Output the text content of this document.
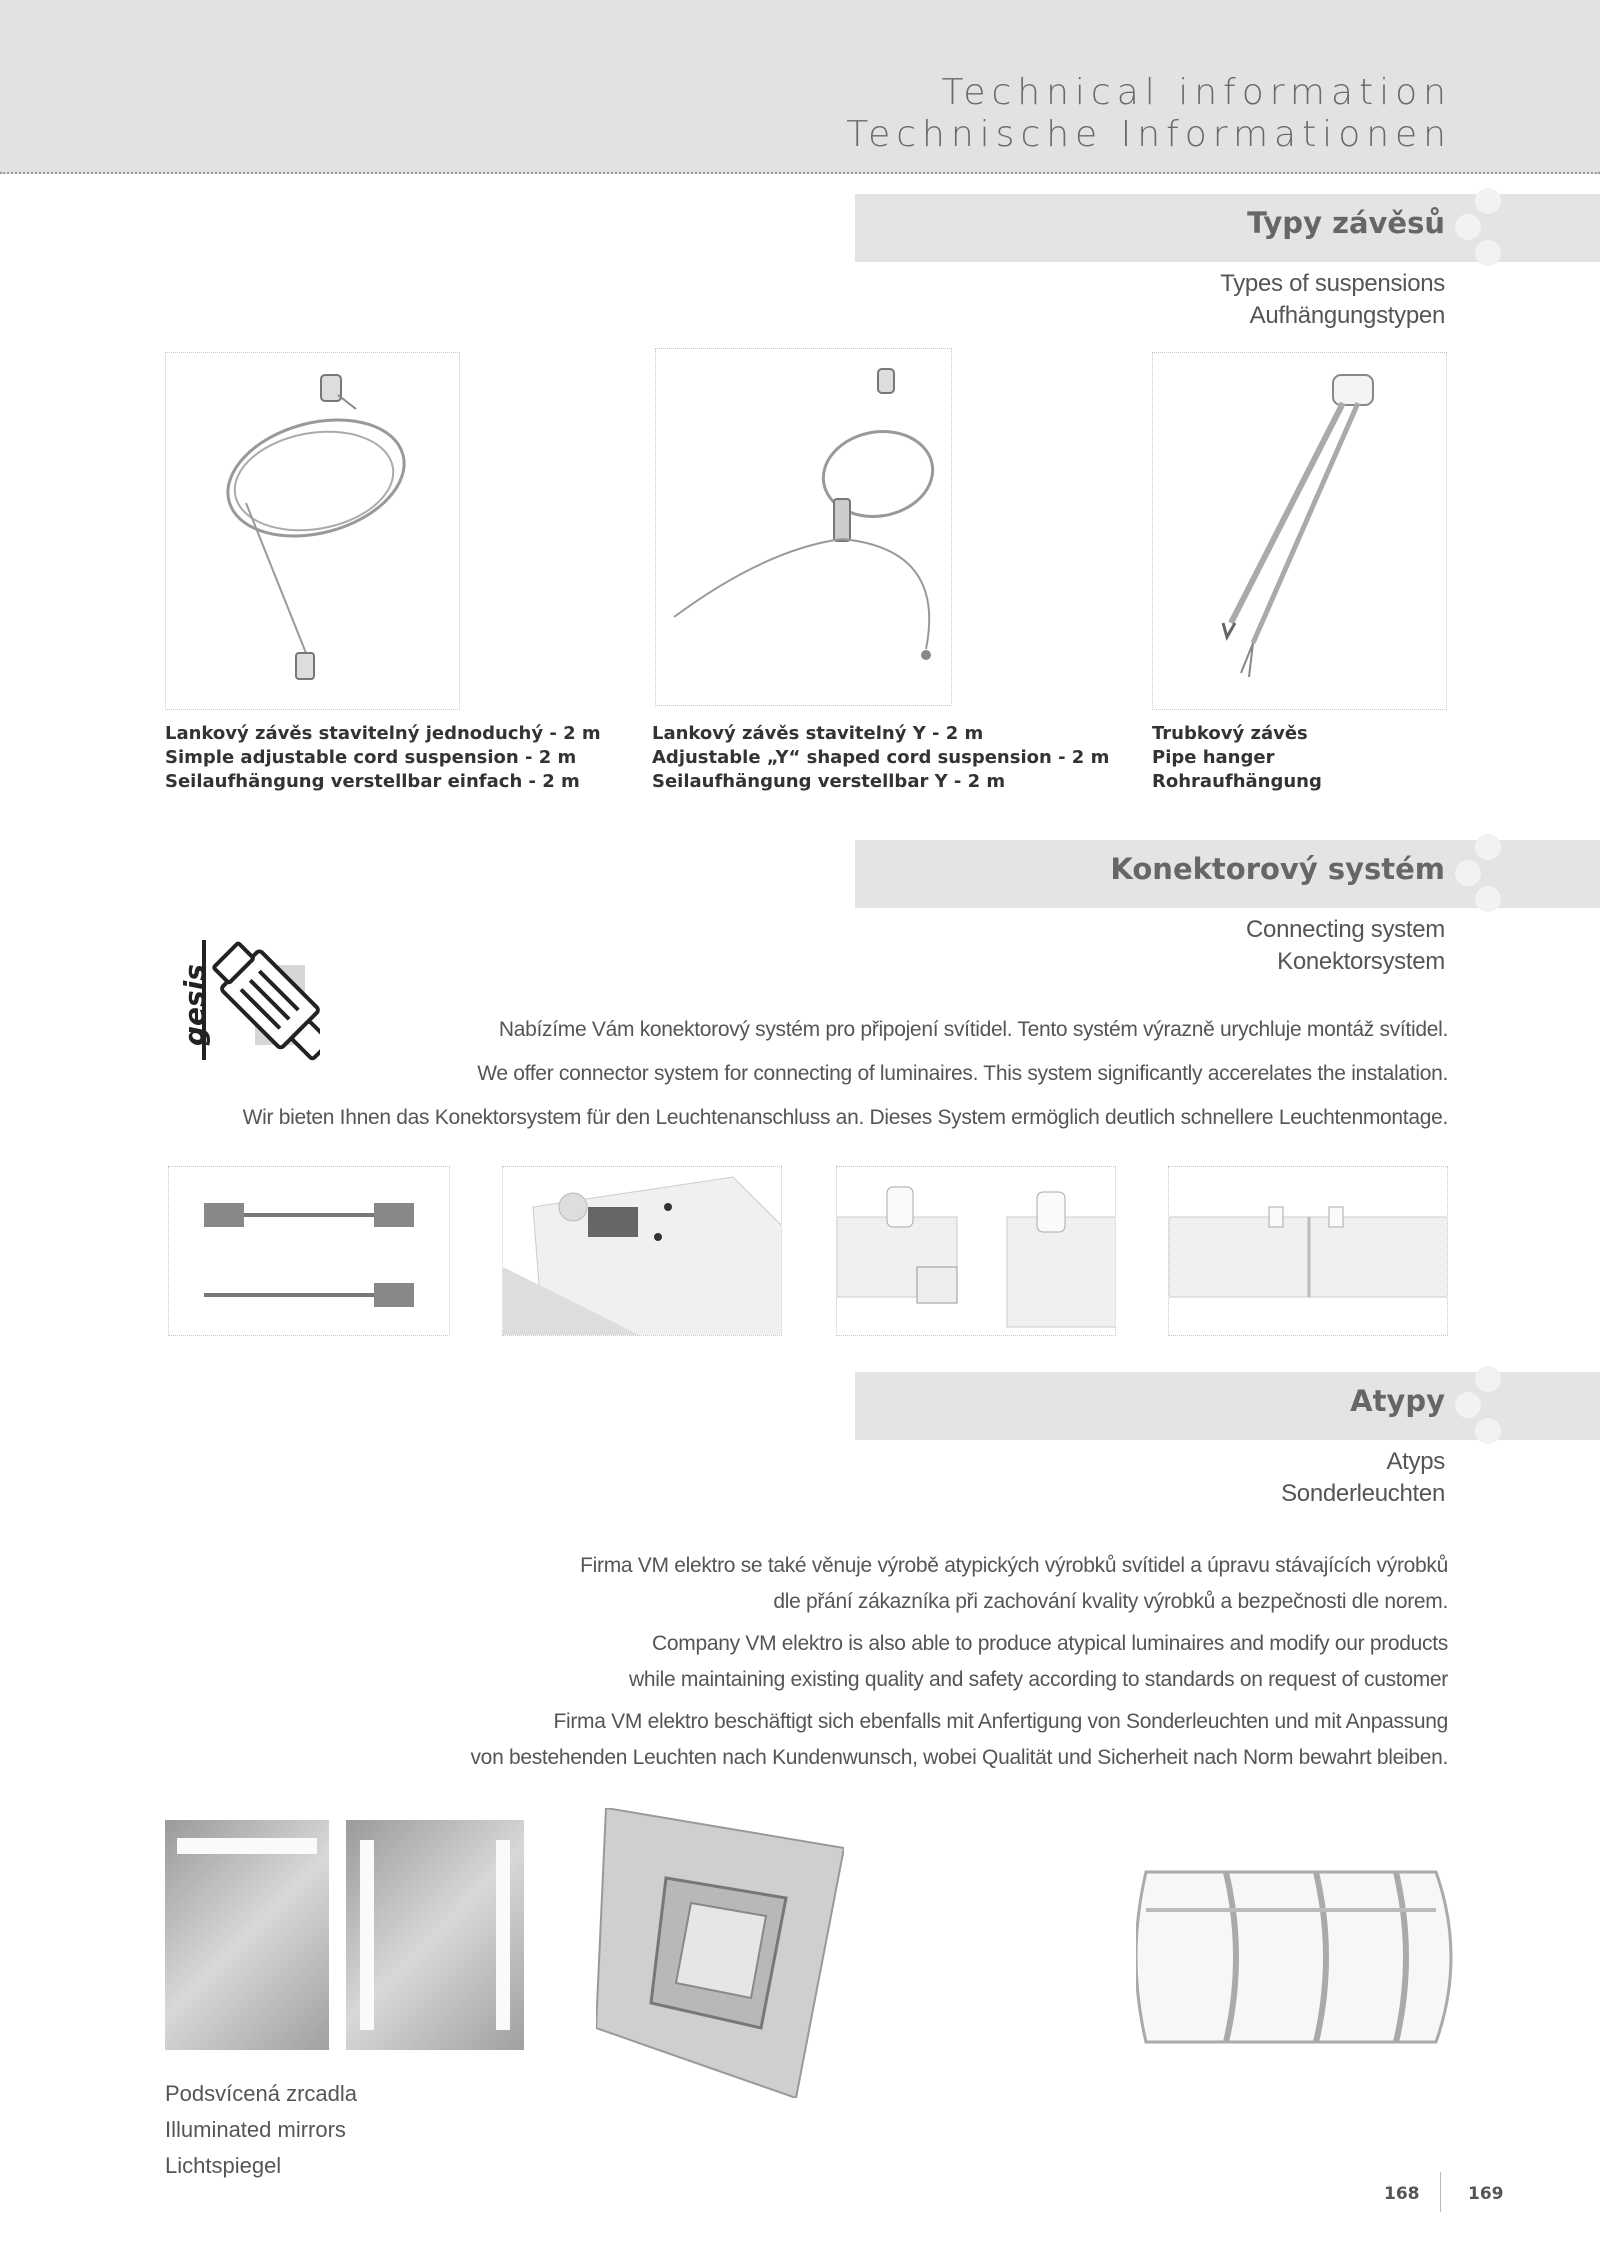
Technical information
Technische Informationen
Typy závěsů
Types of suspensions
Aufhängungstypen
Lankový závěs stavitelný jednoduchý - 2 m
Simple adjustable cord suspension - 2 m
Seilaufhängung verstellbar einfach - 2 m
Lankový závěs stavitelný Y - 2 m
Adjustable „Y“ shaped cord suspension - 2 m
Seilaufhängung verstellbar Y - 2 m
Trubkový závěs
Pipe hanger
Rohraufhängung
Konektorový systém
Connecting system
Konektorsystem
gesis	Nabízíme Vám konektorový systém pro připojení svítidel. Tento systém výrazně urychluje montáž svítidel.
We offer connector system for connecting of luminaires. This system significantly accerelates the instalation.
Wir bieten Ihnen das Konektorsystem für den Leuchtenanschluss an. Dieses System ermöglich deutlich schnellere Leuchtenmontage.
Atypy
Atyps
Sonderleuchten
Firma VM elektro se také věnuje výrobě atypických výrobků svítidel a úpravu stávajících výrobků
dle přání zákazníka při zachování kvality výrobků a bezpečnosti dle norem.
Company VM elektro is also able to produce atypical luminaires and modify our products
while maintaining existing quality and safety according to standards on request of customer
Firma VM elektro beschäftigt sich ebenfalls mit Anfertigung von Sonderleuchten und mit Anpassung
von bestehenden Leuchten nach Kundenwunsch, wobei Qualität und Sicherheit nach Norm bewahrt bleiben.
Podsvícená zrcadla
Illuminated mirrors
Lichtspiegel
168	169
